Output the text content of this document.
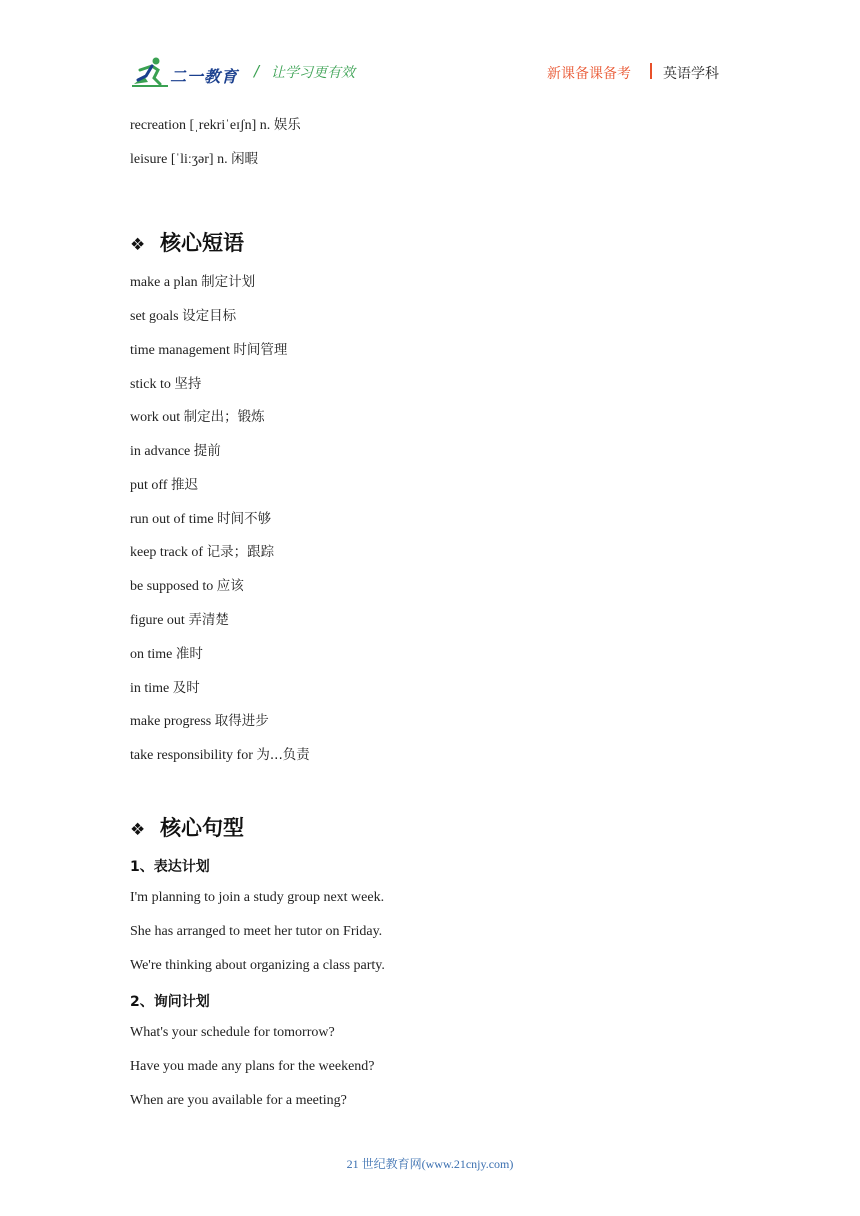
二一教育 / 让学习更有效	新课备课备考 英语学科
recreation [ˌrekriˈeɪʃn] n. 娱乐
leisure [ˈliːʒər] n. 闲暇
❖ 核心短语
make a plan 制定计划
set goals 设定目标
time management 时间管理
stick to 坚持
work out 制定出；锻炼
in advance 提前
put off 推迟
run out of time 时间不够
keep track of 记录；跟踪
be supposed to 应该
figure out 弄清楚
on time 准时
in time 及时
make progress 取得进步
take responsibility for 为...负责
❖ 核心句型
1、表达计划
I'm planning to join a study group next week.
She has arranged to meet her tutor on Friday.
We're thinking about organizing a class party.
2、询问计划
What's your schedule for tomorrow?
Have you made any plans for the weekend?
When are you available for a meeting?
21 世纪教育网(www.21cnjy.com)
